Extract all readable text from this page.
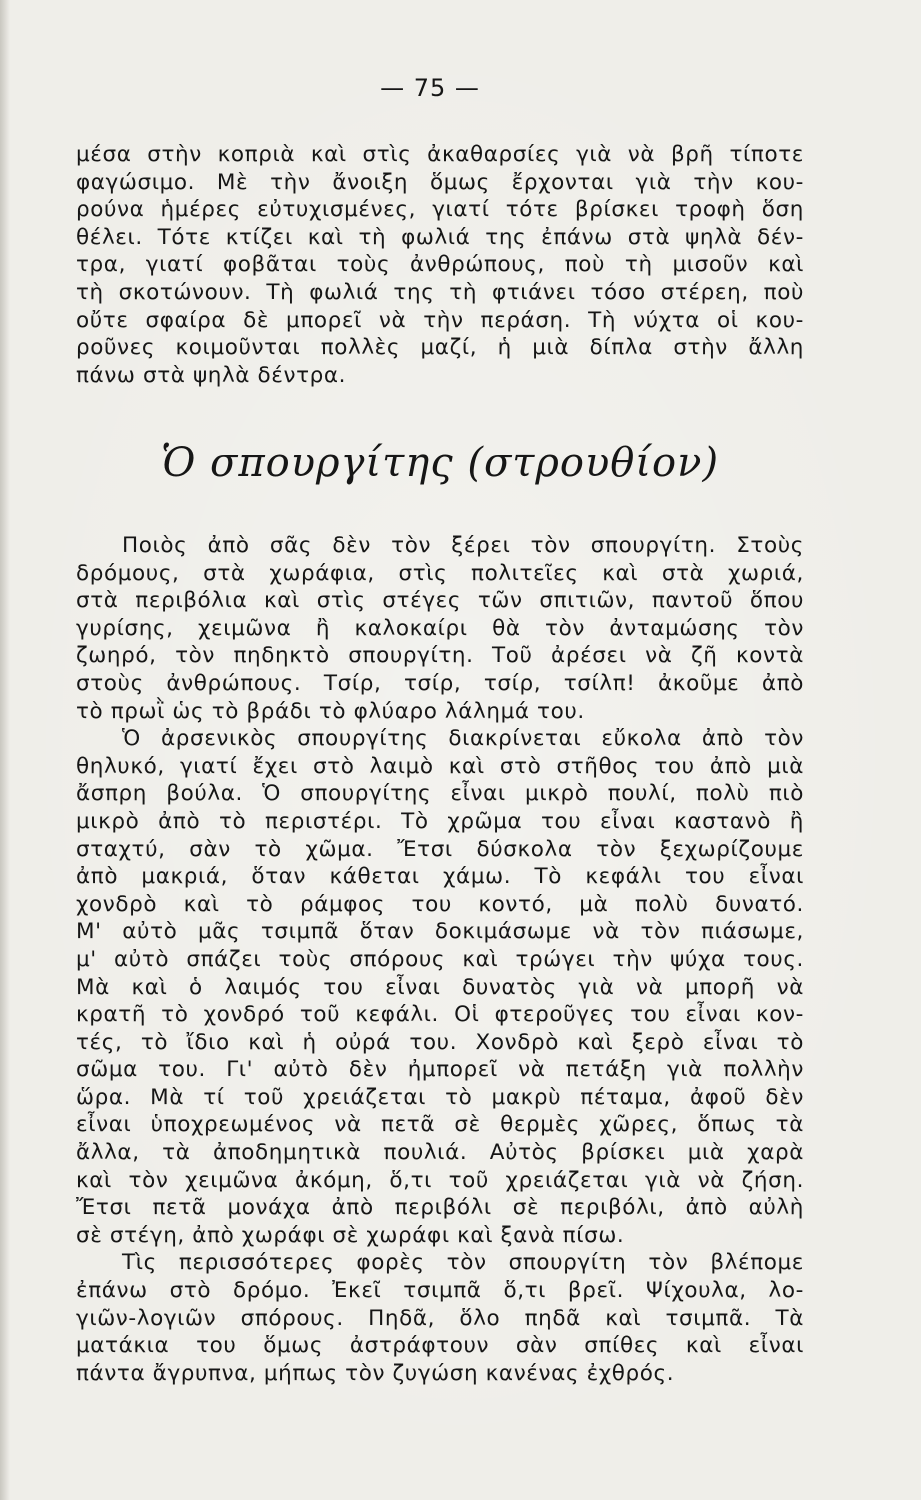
— 75 —
μέσα στὴν κοπριὰ καὶ στὶς ἀκαθαρσίες γιὰ νὰ βρῆ τίποτε
φαγώσιμο. Μὲ τὴν ἄνοιξη ὅμως ἔρχονται γιὰ τὴν κου-
ρούνα ἡμέρες εὐτυχισμένες, γιατί τότε βρίσκει τροφὴ ὅση
θέλει. Τότε κτίζει καὶ τὴ φωλιά της ἐπάνω στὰ ψηλὰ δέν-
τρα, γιατί φοβᾶται τοὺς ἀνθρώπους, ποὺ τὴ μισοῦν καὶ
τὴ σκοτώνουν. Τὴ φωλιά της τὴ φτιάνει τόσο στέρεη, ποὺ
οὔτε σφαίρα δὲ μπορεῖ νὰ τὴν περάση. Τὴ νύχτα οἱ κου-
ροῦνες κοιμοῦνται πολλὲς μαζί, ἡ μιὰ δίπλα στὴν ἄλλη
πάνω στὰ ψηλὰ δέντρα.
Ὁ σπουργίτης (στρουθίον)
Ποιὸς ἀπὸ σᾶς δὲν τὸν ξέρει τὸν σπουργίτη. Στοὺς
δρόμους, στὰ χωράφια, στὶς πολιτεῖες καὶ στὰ χωριά,
στὰ περιβόλια καὶ στὶς στέγες τῶν σπιτιῶν, παντοῦ ὅπου
γυρίσης, χειμῶνα ἢ καλοκαίρι θὰ τὸν ἀνταμώσης τὸν
ζωηρό, τὸν πηδηκτὸ σπουργίτη. Τοῦ ἀρέσει νὰ ζῆ κοντὰ
στοὺς ἀνθρώπους. Τσίρ, τσίρ, τσίρ, τσίλπ! ἀκοῦμε ἀπὸ
τὸ πρωῒ ὡς τὸ βράδι τὸ φλύαρο λάλημά του.
Ὁ ἀρσενικὸς σπουργίτης διακρίνεται εὔκολα ἀπὸ τὸν
θηλυκό, γιατί ἔχει στὸ λαιμὸ καὶ στὸ στῆθος του ἀπὸ μιὰ
ἄσπρη βούλα. Ὁ σπουργίτης εἶναι μικρὸ πουλί, πολὺ πιὸ
μικρὸ ἀπὸ τὸ περιστέρι. Τὸ χρῶμα του εἶναι καστανὸ ἢ
σταχτύ, σὰν τὸ χῶμα. Ἔτσι δύσκολα τὸν ξεχωρίζουμε
ἀπὸ μακριά, ὅταν κάθεται χάμω. Τὸ κεφάλι του εἶναι
χονδρὸ καὶ τὸ ράμφος του κοντό, μὰ πολὺ δυνατό.
Μ' αὐτὸ μᾶς τσιμπᾶ ὅταν δοκιμάσωμε νὰ τὸν πιάσωμε,
μ' αὐτὸ σπάζει τοὺς σπόρους καὶ τρώγει τὴν ψύχα τους.
Μὰ καὶ ὁ λαιμός του εἶναι δυνατὸς γιὰ νὰ μπορῆ νὰ
κρατῆ τὸ χονδρό τοῦ κεφάλι. Οἱ φτεροῦγες του εἶναι κον-
τές, τὸ ἴδιο καὶ ἡ οὐρά του. Χονδρὸ καὶ ξερὸ εἶναι τὸ
σῶμα του. Γι' αὐτὸ δὲν ἠμπορεῖ νὰ πετάξη γιὰ πολλὴν
ὥρα. Μὰ τί τοῦ χρειάζεται τὸ μακρὺ πέταμα, ἀφοῦ δὲν
εἶναι ὑποχρεωμένος νὰ πετᾶ σὲ θερμὲς χῶρες, ὅπως τὰ
ἄλλα, τὰ ἀποδημητικὰ πουλιά. Αὐτὸς βρίσκει μιὰ χαρὰ
καὶ τὸν χειμῶνα ἀκόμη, ὅ,τι τοῦ χρειάζεται γιὰ νὰ ζήση.
Ἔτσι πετᾶ μονάχα ἀπὸ περιβόλι σὲ περιβόλι, ἀπὸ αὐλὴ
σὲ στέγη, ἀπὸ χωράφι σὲ χωράφι καὶ ξανὰ πίσω.
Τὶς περισσότερες φορὲς τὸν σπουργίτη τὸν βλέπομε
ἐπάνω στὸ δρόμο. Ἐκεῖ τσιμπᾶ ὅ,τι βρεῖ. Ψίχουλα, λο-
γιῶν-λογιῶν σπόρους. Πηδᾶ, ὅλο πηδᾶ καὶ τσιμπᾶ. Τὰ
ματάκια του ὅμως ἀστράφτουν σὰν σπίθες καὶ εἶναι
πάντα ἄγρυπνα, μήπως τὸν ζυγώση κανένας ἐχθρός.
